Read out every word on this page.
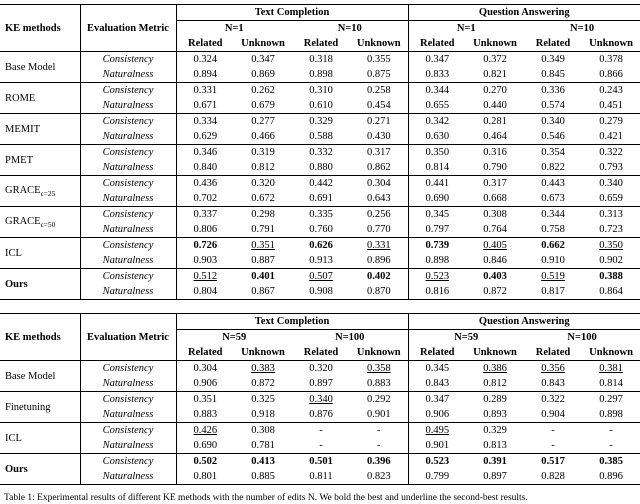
KE methods	Evaluation Metric	Text Completion				Question Answering			
		N=1		N=10		N=1		N=10	
		Related	Unknown	Related	Unknown	Related	Unknown	Related	Unknown
Base Model	Consistency	0.324	0.347	0.318	0.355	0.347	0.372	0.349	0.378
	Naturalness	0.894	0.869	0.898	0.875	0.833	0.821	0.845	0.866
ROME	Consistency	0.331	0.262	0.310	0.258	0.344	0.270	0.336	0.243
	Naturalness	0.671	0.679	0.610	0.454	0.655	0.440	0.574	0.451
MEMIT	Consistency	0.334	0.277	0.329	0.271	0.342	0.281	0.340	0.279
	Naturalness	0.629	0.466	0.588	0.430	0.630	0.464	0.546	0.421
PMET	Consistency	0.346	0.319	0.332	0.317	0.350	0.316	0.354	0.322
	Naturalness	0.840	0.812	0.880	0.862	0.814	0.790	0.822	0.793
$GRACE_{\epsilon=25}$	Consistency	0.436	0.320	0.442	0.304	0.441	0.317	0.443	0.340
	Naturalness	0.702	0.672	0.691	0.643	0.690	0.668	0.673	0.659
$GRACE_{\epsilon=50}$	Consistency	0.337	0.298	0.335	0.256	0.345	0.308	0.344	0.313
	Naturalness	0.806	0.791	0.760	0.770	0.797	0.764	0.758	0.723
ICL	Consistency	0.726	0.351	0.626	0.331	0.739	0.405	0.662	0.350
	Naturalness	0.903	0.887	0.913	0.896	0.898	0.846	0.910	0.902
Ours	Consistency	0.512	0.401	0.507	0.402	0.523	0.403	0.519	0.388
	Naturalness	0.804	0.867	0.908	0.870	0.816	0.872	0.817	0.864
KE methods	Evaluation Metric	Text Completion				Question Answering			
		N=59		N=100		N=59		N=100	
		Related	Unknown	Related	Unknown	Related	Unknown	Related	Unknown
Base Model	Consistency	0.304	0.383	0.320	0.358	0.345	0.386	0.356	0.381
	Naturalness	0.906	0.872	0.897	0.883	0.843	0.812	0.843	0.814
Finetuning	Consistency	0.351	0.325	0.340	0.292	0.347	0.289	0.322	0.297
	Naturalness	0.883	0.918	0.876	0.901	0.906	0.893	0.904	0.898
ICL	Consistency	0.426	0.308	-	-	0.495	0.329	-	-
	Naturalness	0.690	0.781	-	-	0.901	0.813	-	-
Ours	Consistency	0.502	0.413	0.501	0.396	0.523	0.391	0.517	0.385
	Naturalness	0.801	0.885	0.811	0.823	0.799	0.897	0.828	0.896
Table 1: Experimental results of different KE methods with the number of edits N. We bold the best and underline the second-best results.
